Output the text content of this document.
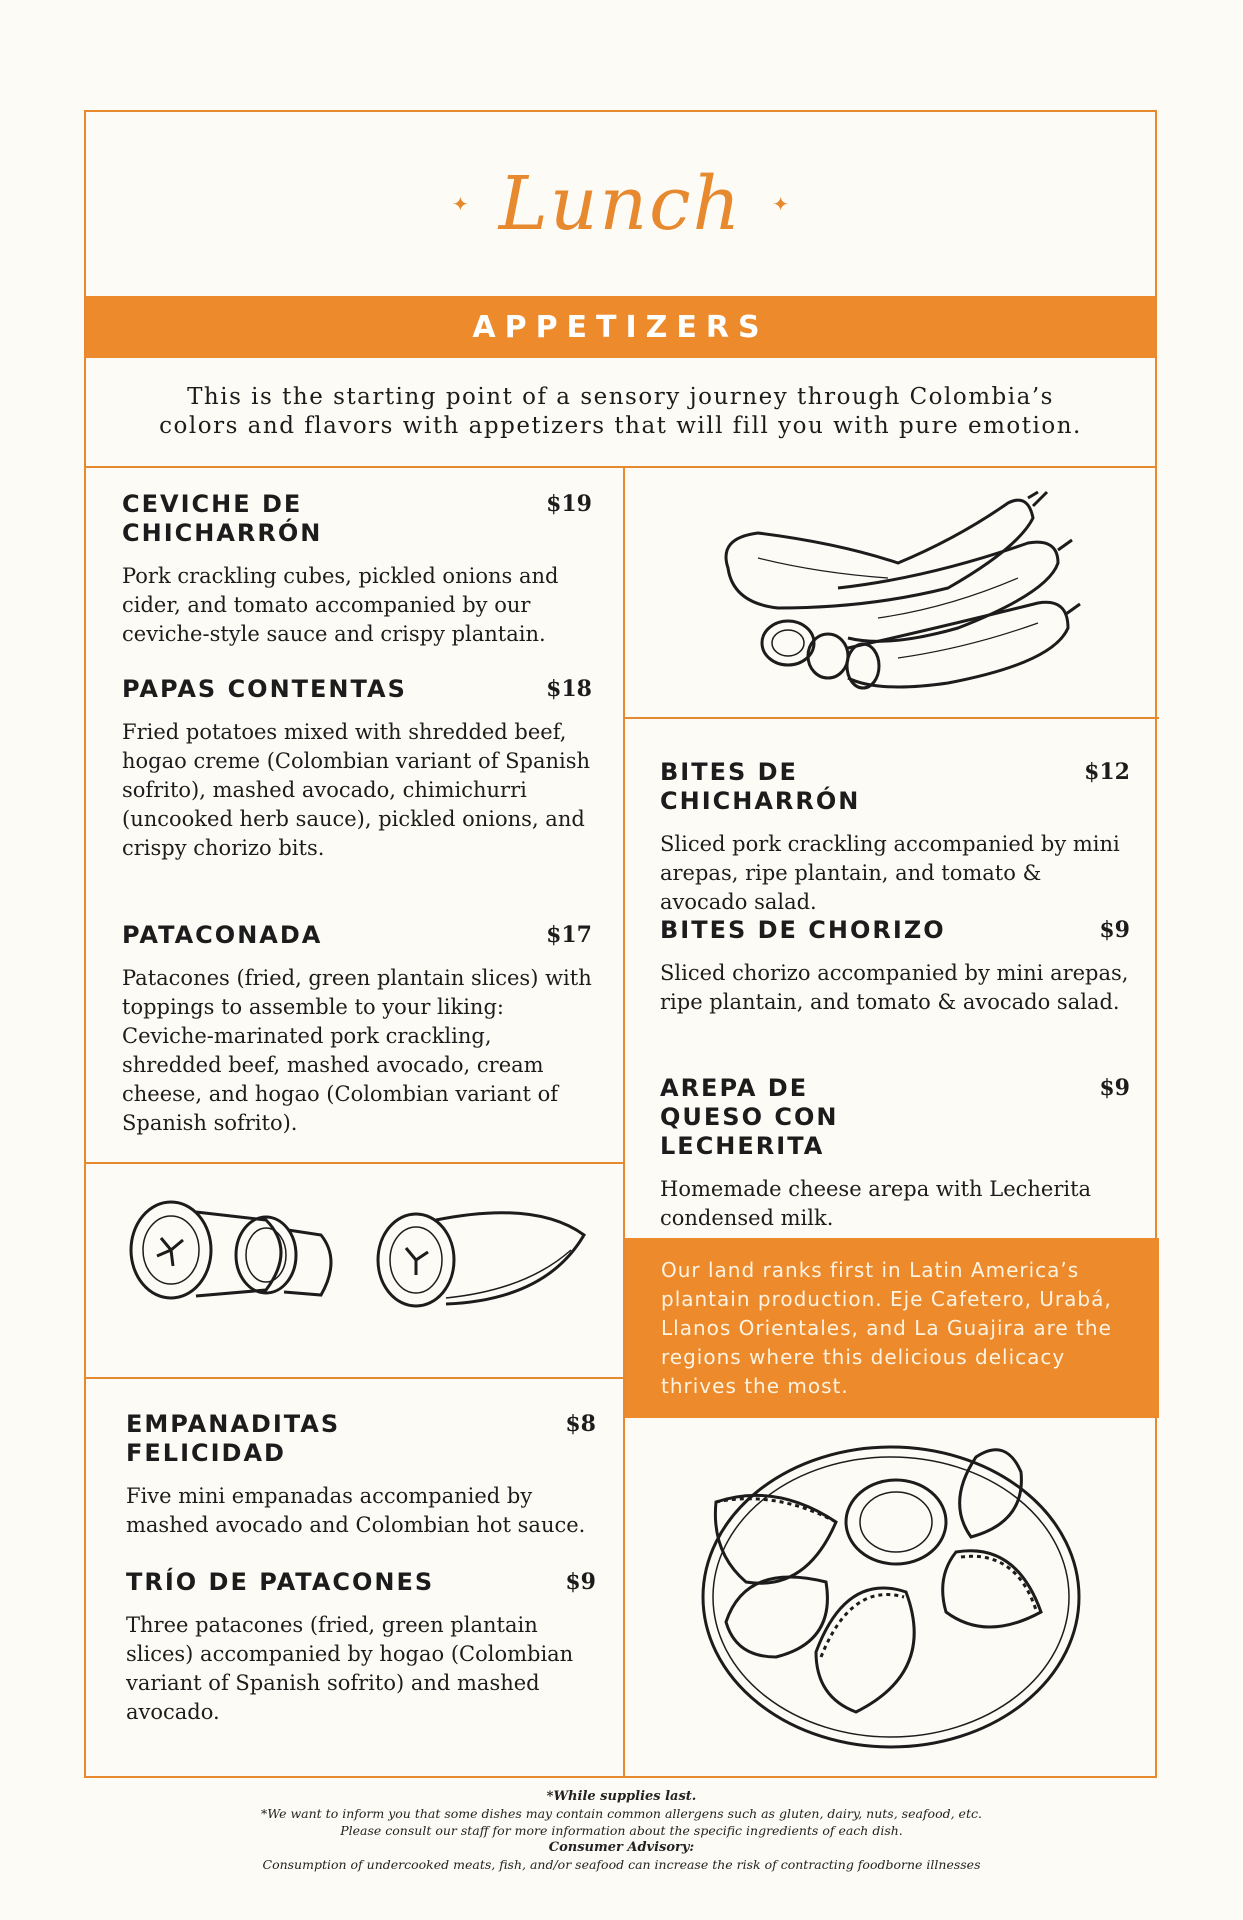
✦ Lunch ✦
APPETIZERS
This is the starting point of a sensory journey through Colombia’s colors and flavors with appetizers that will fill you with pure emotion.
CEVICHE DE CHICHARRÓN
$19
Pork crackling cubes, pickled onions and cider, and tomato accompanied by our ceviche-style sauce and crispy plantain.
PAPAS CONTENTAS	$18
Fried potatoes mixed with shredded beef, hogao creme (Colombian variant of Spanish sofrito), mashed avocado, chimichurri (uncooked herb sauce), pickled onions, and crispy chorizo bits.
PATACONADA	$17
Patacones (fried, green plantain slices) with toppings to assemble to your liking: Ceviche-marinated pork crackling, shredded beef, mashed avocado, cream cheese, and hogao (Colombian variant of Spanish sofrito).
EMPANADITAS FELICIDAD
$8
Five mini empanadas accompanied by mashed avocado and Colombian hot sauce.
TRÍO DE PATACONES	$9
Three patacones (fried, green plantain slices) accompanied by hogao (Colombian variant of Spanish sofrito) and mashed avocado.
BITES DE CHICHARRÓN
$12
Sliced pork crackling accompanied by mini arepas, ripe plantain, and tomato & avocado salad.
BITES DE CHORIZO	$9
Sliced chorizo accompanied by mini arepas, ripe plantain, and tomato & avocado salad.
AREPA DE QUESO CON LECHERITA
$9
Homemade cheese arepa with Lecherita condensed milk.
Our land ranks first in Latin America’s plantain production. Eje Cafetero, Urabá, Llanos Orientales, and La Guajira are the regions where this delicious delicacy thrives the most.
*While supplies last.
*We want to inform you that some dishes may contain common allergens such as gluten, dairy, nuts, seafood, etc.
Please consult our staff for more information about the specific ingredients of each dish.
Consumer Advisory:
Consumption of undercooked meats, fish, and/or seafood can increase the risk of contracting foodborne illnesses
